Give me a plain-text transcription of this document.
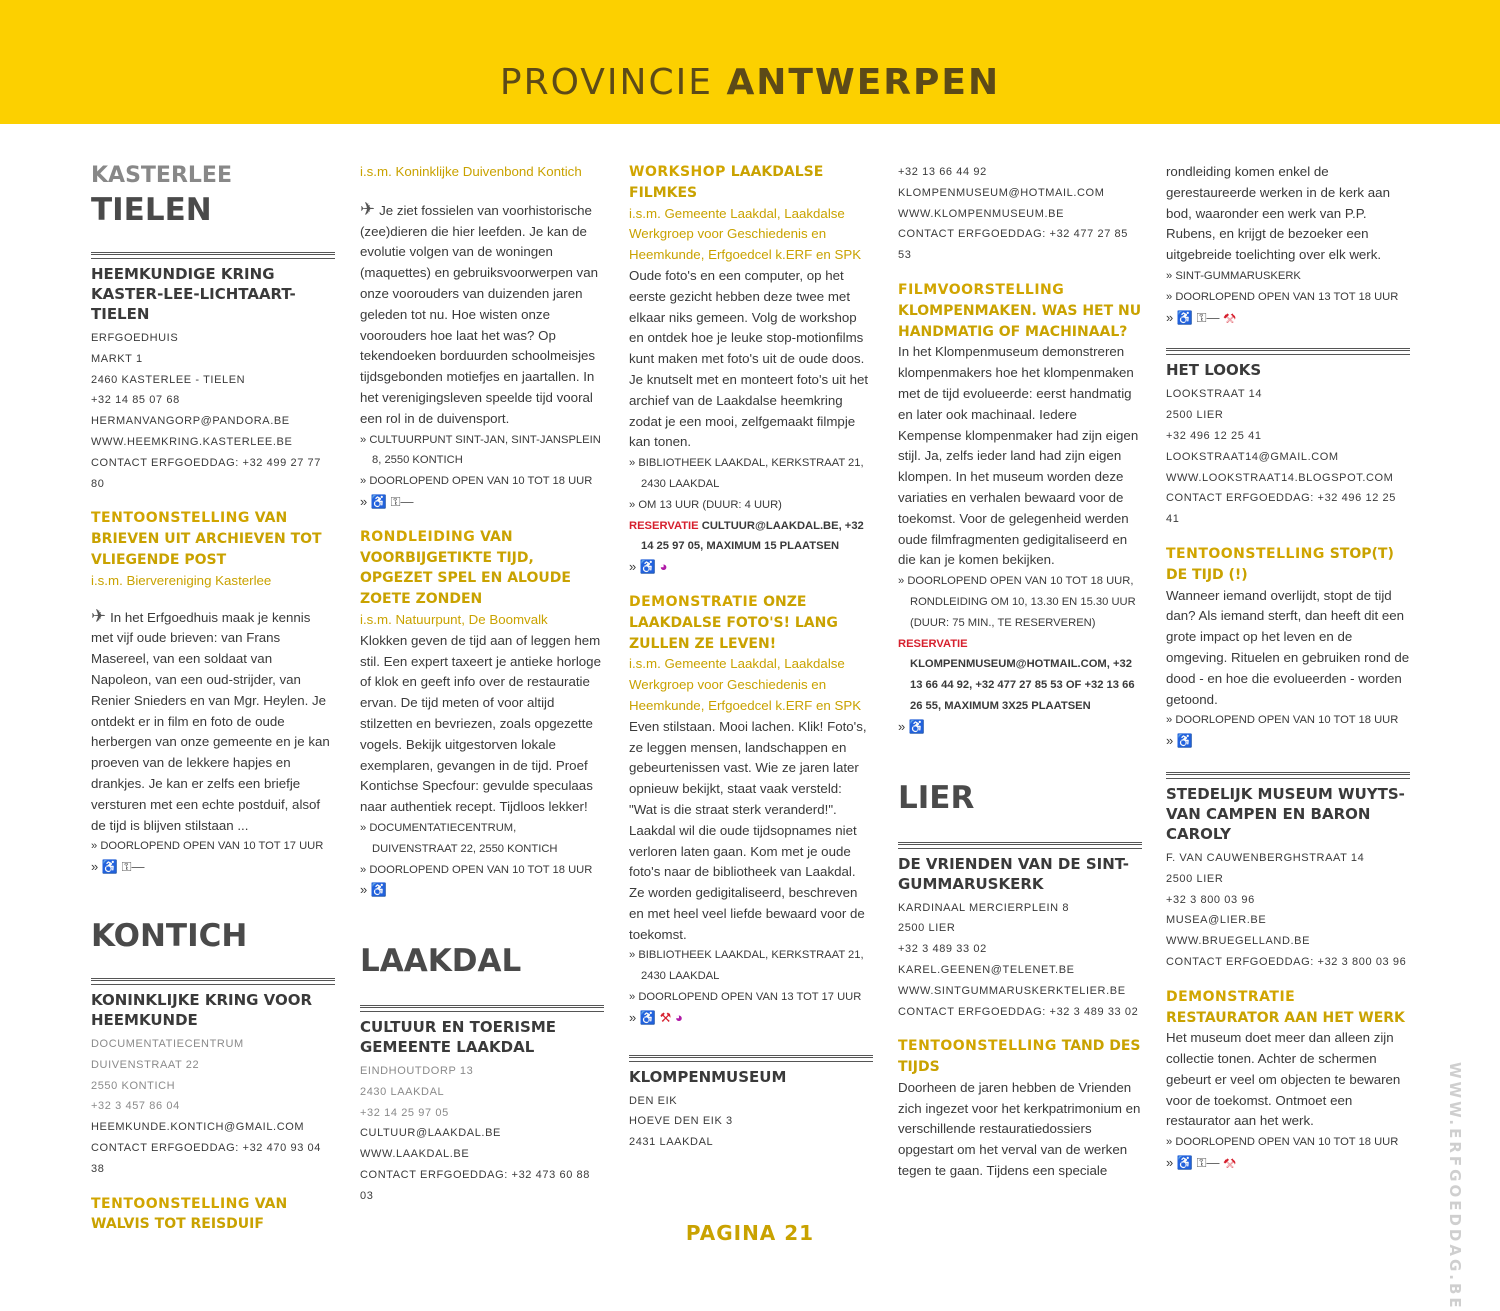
PROVINCIE ANTWERPEN

KASTERLEE

TIELEN

HEEMKUNDIGE KRING KASTER-LEE-LICHTAART-TIELEN

ERFGOEDHUIS

MARKT 1

2460 KASTERLEE - TIELEN

+32 14 85 07 68

HERMANVANGORP@PANDORA.BE

WWW.HEEMKRING.KASTERLEE.BE

CONTACT ERFGOEDDAG: +32 499 27 77 80

TENTOONSTELLING VAN BRIEVEN UIT ARCHIEVEN TOT VLIEGENDE POST

i.s.m. Biervereniging Kasterlee

✈ In het Erfgoedhuis maak je kennis met vijf oude brieven: van Frans Masereel, van een soldaat van Napoleon, van een oud-strijder, van Renier Snieders en van Mgr. Heylen. Je ontdekt er in film en foto de oude herbergen van onze gemeente en je kan proeven van de lekkere hapjes en drankjes. Je kan er zelfs een briefje versturen met een echte postduif, alsof de tijd is blijven stilstaan ...

» DOORLOPEND OPEN VAN 10 TOT 17 UUR

» ♿ ⚿—

KONTICH

KONINKLIJKE KRING VOOR HEEMKUNDE

DOCUMENTATIECENTRUM

DUIVENSTRAAT 22

2550 KONTICH

+32 3 457 86 04

HEEMKUNDE.KONTICH@GMAIL.COM

CONTACT ERFGOEDDAG: +32 470 93 04 38

TENTOONSTELLING VAN WALVIS TOT REISDUIF

i.s.m. Koninklijke Duivenbond Kontich

✈ Je ziet fossielen van voorhistorische (zee)dieren die hier leefden. Je kan de evolutie volgen van de woningen (maquettes) en gebruiksvoorwerpen van onze voorouders van duizenden jaren geleden tot nu. Hoe wisten onze voorouders hoe laat het was? Op tekendoeken borduurden schoolmeisjes tijdsgebonden motiefjes en jaartallen. In het verenigingsleven speelde tijd vooral een rol in de duivensport.

» CULTUURPUNT SINT-JAN, SINT-JANSPLEIN 8, 2550 KONTICH

» DOORLOPEND OPEN VAN 10 TOT 18 UUR

» ♿ ⚿—

RONDLEIDING VAN VOORBIJGETIKTE TIJD, OPGEZET SPEL EN ALOUDE ZOETE ZONDEN

i.s.m. Natuurpunt, De Boomvalk

Klokken geven de tijd aan of leggen hem stil. Een expert taxeert je antieke horloge of klok en geeft info over de restauratie ervan. De tijd meten of voor altijd stilzetten en bevriezen, zoals opgezette vogels. Bekijk uitgestorven lokale exemplaren, gevangen in de tijd. Proef Kontichse Specfour: gevulde speculaas naar authentiek recept. Tijdloos lekker!

» DOCUMENTATIECENTRUM, DUIVENSTRAAT 22, 2550 KONTICH

» DOORLOPEND OPEN VAN 10 TOT 18 UUR

» ♿

LAAKDAL

CULTUUR EN TOERISME GEMEENTE LAAKDAL

EINDHOUTDORP 13

2430 LAAKDAL

+32 14 25 97 05

CULTUUR@LAAKDAL.BE

WWW.LAAKDAL.BE

CONTACT ERFGOEDDAG: +32 473 60 88 03

WORKSHOP LAAKDALSE FILMKES

i.s.m. Gemeente Laakdal, Laakdalse Werkgroep voor Geschiedenis en Heemkunde, Erfgoedcel k.ERF en SPK

Oude foto's en een computer, op het eerste gezicht hebben deze twee met elkaar niks gemeen. Volg de workshop en ontdek hoe je leuke stop-motionfilms kunt maken met foto's uit de oude doos. Je knutselt met en monteert foto's uit het archief van de Laakdalse heemkring zodat je een mooi, zelfgemaakt filmpje kan tonen.

» BIBLIOTHEEK LAAKDAL, KERKSTRAAT 21, 2430 LAAKDAL

» OM 13 UUR (DUUR: 4 UUR)

RESERVATIE CULTUUR@LAAKDAL.BE, +32 14 25 97 05, MAXIMUM 15 PLAATSEN

» ♿ ◕

DEMONSTRATIE ONZE LAAKDALSE FOTO'S! LANG ZULLEN ZE LEVEN!

i.s.m. Gemeente Laakdal, Laakdalse Werkgroep voor Geschiedenis en Heemkunde, Erfgoedcel k.ERF en SPK

Even stilstaan. Mooi lachen. Klik! Foto's, ze leggen mensen, landschappen en gebeurtenissen vast. Wie ze jaren later opnieuw bekijkt, staat vaak versteld: "Wat is die straat sterk veranderd!". Laakdal wil die oude tijdsopnames niet verloren laten gaan. Kom met je oude foto's naar de bibliotheek van Laakdal. Ze worden gedigitaliseerd, beschreven en met heel veel liefde bewaard voor de toekomst.

» BIBLIOTHEEK LAAKDAL, KERKSTRAAT 21, 2430 LAAKDAL

» DOORLOPEND OPEN VAN 13 TOT 17 UUR

» ♿ ⚒ ◕

KLOMPENMUSEUM

DEN EIK

HOEVE DEN EIK 3

2431 LAAKDAL

+32 13 66 44 92

KLOMPENMUSEUM@HOTMAIL.COM

WWW.KLOMPENMUSEUM.BE

CONTACT ERFGOEDDAG: +32 477 27 85 53

FILMVOORSTELLING KLOMPENMAKEN. WAS HET NU HANDMATIG OF MACHINAAL?

In het Klompenmuseum demonstreren klompenmakers hoe het klompenmaken met de tijd evolueerde: eerst handmatig en later ook machinaal. Iedere Kempense klompenmaker had zijn eigen stijl. Ja, zelfs ieder land had zijn eigen klompen. In het museum worden deze variaties en verhalen bewaard voor de toekomst. Voor de gelegenheid werden oude filmfragmenten gedigitaliseerd en die kan je komen bekijken.

» DOORLOPEND OPEN VAN 10 TOT 18 UUR, RONDLEIDING OM 10, 13.30 EN 15.30 UUR (DUUR: 75 MIN., TE RESERVEREN)

RESERVATIE KLOMPENMUSEUM@HOTMAIL.COM, +32 13 66 44 92, +32 477 27 85 53 OF +32 13 66 26 55, MAXIMUM 3X25 PLAATSEN

» ♿

LIER

DE VRIENDEN VAN DE SINT-GUMMARUSKERK

KARDINAAL MERCIERPLEIN 8

2500 LIER

+32 3 489 33 02

KAREL.GEENEN@TELENET.BE

WWW.SINTGUMMARUSKERKTELIER.BE

CONTACT ERFGOEDDAG: +32 3 489 33 02

TENTOONSTELLING TAND DES TIJDS

Doorheen de jaren hebben de Vrienden zich ingezet voor het kerkpatrimonium en verschillende restauratiedossiers opgestart om het verval van de werken tegen te gaan. Tijdens een speciale

rondleiding komen enkel de gerestaureerde werken in de kerk aan bod, waaronder een werk van P.P. Rubens, en krijgt de bezoeker een uitgebreide toelichting over elk werk.

» SINT-GUMMARUSKERK

» DOORLOPEND OPEN VAN 13 TOT 18 UUR

» ♿ ⚿— ⚒

HET LOOKS

LOOKSTRAAT 14

2500 LIER

+32 496 12 25 41

LOOKSTRAAT14@GMAIL.COM

WWW.LOOKSTRAAT14.BLOGSPOT.COM

CONTACT ERFGOEDDAG: +32 496 12 25 41

TENTOONSTELLING STOP(T) DE TIJD (!)

Wanneer iemand overlijdt, stopt de tijd dan? Als iemand sterft, dan heeft dit een grote impact op het leven en de omgeving. Rituelen en gebruiken rond de dood - en hoe die evolueerden - worden getoond.

» DOORLOPEND OPEN VAN 10 TOT 18 UUR

» ♿

STEDELIJK MUSEUM WUYTS-VAN CAMPEN EN BARON CAROLY

F. VAN CAUWENBERGHSTRAAT 14

2500 LIER

+32 3 800 03 96

MUSEA@LIER.BE

WWW.BRUEGELLAND.BE

CONTACT ERFGOEDDAG: +32 3 800 03 96

DEMONSTRATIE RESTAURATOR AAN HET WERK

Het museum doet meer dan alleen zijn collectie tonen. Achter de schermen gebeurt er veel om objecten te bewaren voor de toekomst. Ontmoet een restaurator aan het werk.

» DOORLOPEND OPEN VAN 10 TOT 18 UUR

» ♿ ⚿— ⚒	WWW.ERFGOEDDAG.BE
PAGINA 21
